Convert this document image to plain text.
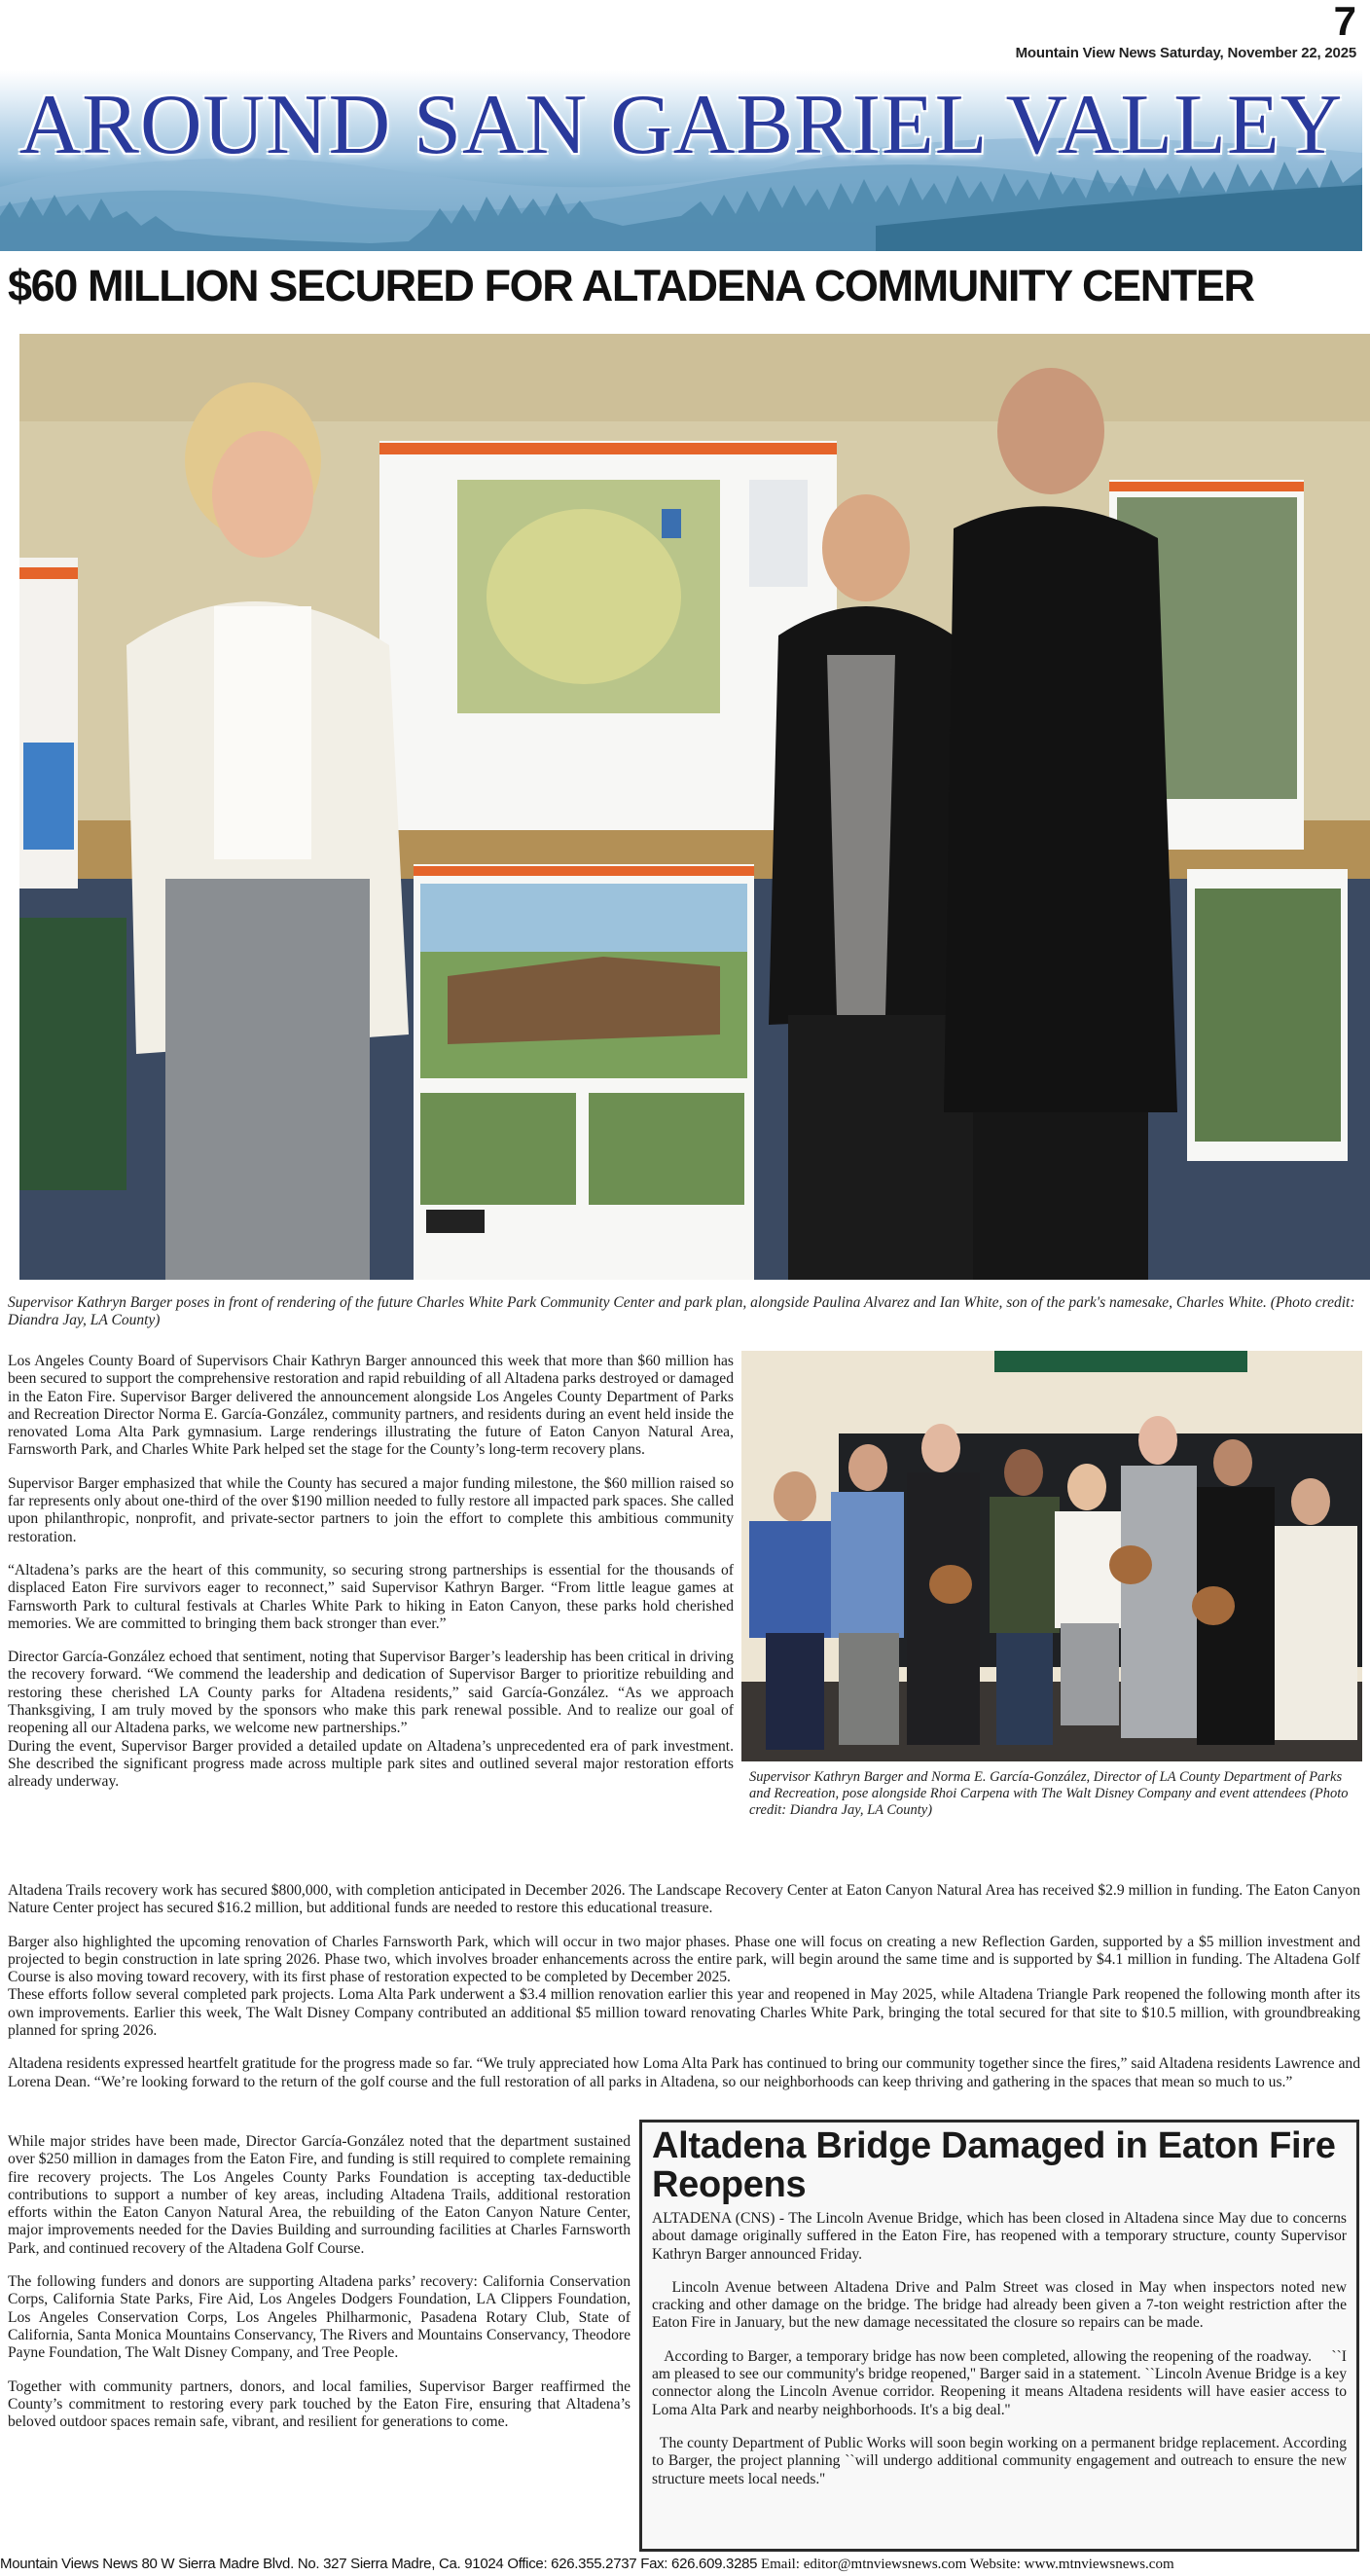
7
Mountain View News Saturday, November 22, 2025
AROUND SAN GABRIEL VALLEY
$60 MILLION SECURED FOR ALTADENA COMMUNITY CENTER
Supervisor Kathryn Barger poses in front of rendering of the future Charles White Park Community Center and park plan, alongside Paulina Alvarez and Ian White, son of the park's namesake, Charles White. (Photo credit: Diandra Jay, LA County)

Los Angeles County Board of Supervisors Chair Kathryn Barger announced this week that more than $60 million has been secured to support the comprehensive restoration and rapid rebuilding of all Altadena parks destroyed or damaged in the Eaton Fire. Supervisor Barger delivered the announcement alongside Los Angeles County Department of Parks and Recreation Director Norma E. García-González, community partners, and residents during an event held inside the renovated Loma Alta Park gymnasium. Large renderings illustrating the future of Eaton Canyon Natural Area, Farnsworth Park, and Charles White Park helped set the stage for the County’s long-term recovery plans.

Supervisor Barger emphasized that while the County has secured a major funding milestone, the $60 million raised so far represents only about one-third of the over $190 million needed to fully restore all impacted park spaces. She called upon philanthropic, nonprofit, and private-sector partners to join the effort to complete this ambitious community restoration.

“Altadena’s parks are the heart of this community, so securing strong partnerships is essential for the thousands of displaced Eaton Fire survivors eager to reconnect,” said Supervisor Kathryn Barger. “From little league games at Farnsworth Park to cultural festivals at Charles White Park to hiking in Eaton Canyon, these parks hold cherished memories. We are committed to bringing them back stronger than ever.”

Director García-González echoed that sentiment, noting that Supervisor Barger’s leadership has been critical in driving the recovery forward. “We commend the leadership and dedication of Supervisor Barger to prioritize rebuilding and restoring these cherished LA County parks for Altadena residents,” said García-González. “As we approach Thanksgiving, I am truly moved by the sponsors who make this park renewal possible. And to realize our goal of reopening all our Altadena parks, we welcome new partnerships.”

During the event, Supervisor Barger provided a detailed update on Altadena’s unprecedented era of park investment. She described the significant progress made across multiple park sites and outlined several major restoration efforts already underway.	Supervisor Kathryn Barger and Norma E. García-González, Director of LA County Department of Parks and Recreation, pose alongside Rhoi Carpena with The Walt Disney Company and event attendees (Photo credit: Diandra Jay, LA County)

Altadena Trails recovery work has secured $800,000, with completion anticipated in December 2026. The Landscape Recovery Center at Eaton Canyon Natural Area has received $2.9 million in funding. The Eaton Canyon Nature Center project has secured $16.2 million, but additional funds are needed to restore this educational treasure.

Barger also highlighted the upcoming renovation of Charles Farnsworth Park, which will occur in two major phases. Phase one will focus on creating a new Reflection Garden, supported by a $5 million investment and projected to begin construction in late spring 2026. Phase two, which involves broader enhancements across the entire park, will begin around the same time and is supported by $4.1 million in funding. The Altadena Golf Course is also moving toward recovery, with its first phase of restoration expected to be completed by December 2025.

These efforts follow several completed park projects. Loma Alta Park underwent a $3.4 million renovation earlier this year and reopened in May 2025, while Altadena Triangle Park reopened the following month after its own improvements. Earlier this week, The Walt Disney Company contributed an additional $5 million toward renovating Charles White Park, bringing the total secured for that site to $10.5 million, with groundbreaking planned for spring 2026.

Altadena residents expressed heartfelt gratitude for the progress made so far. “We truly appreciated how Loma Alta Park has continued to bring our community together since the fires,” said Altadena residents Lawrence and Lorena Dean. “We’re looking forward to the return of the golf course and the full restoration of all parks in Altadena, so our neighborhoods can keep thriving and gathering in the spaces that mean so much to us.”

While major strides have been made, Director García-González noted that the department sustained over $250 million in damages from the Eaton Fire, and funding is still required to complete remaining fire recovery projects. The Los Angeles County Parks Foundation is accepting tax-deductible contributions to support a number of key areas, including Altadena Trails, additional restoration efforts within the Eaton Canyon Natural Area, the rebuilding of the Eaton Canyon Nature Center, major improvements needed for the Davies Building and surrounding facilities at Charles Farnsworth Park, and continued recovery of the Altadena Golf Course.

The following funders and donors are supporting Altadena parks’ recovery: California Conservation Corps, California State Parks, Fire Aid, Los Angeles Dodgers Foundation, LA Clippers Foundation, Los Angeles Conservation Corps, Los Angeles Philharmonic, Pasadena Rotary Club, State of California, Santa Monica Mountains Conservancy, The Rivers and Mountains Conservancy, Theodore Payne Foundation, The Walt Disney Company, and Tree People.

Together with community partners, donors, and local families, Supervisor Barger reaffirmed the County’s commitment to restoring every park touched by the Eaton Fire, ensuring that Altadena’s beloved outdoor spaces remain safe, vibrant, and resilient for generations to come.

Altadena Bridge Damaged in Eaton Fire Reopens

ALTADENA (CNS) - The Lincoln Avenue Bridge, which has been closed in Altadena since May due to concerns about damage originally suffered in the Eaton Fire, has reopened with a temporary structure, county Supervisor Kathryn Barger announced Friday.

Lincoln Avenue between Altadena Drive and Palm Street was closed in May when inspectors noted new cracking and other damage on the bridge. The bridge had already been given a 7-ton weight restriction after the Eaton Fire in January, but the new damage necessitated the closure so repairs can be made.

According to Barger, a temporary bridge has now been completed, allowing the reopening of the roadway.     ``I am pleased to see our community's bridge reopened,'' Barger said in a statement. ``Lincoln Avenue Bridge is a key connector along the Lincoln Avenue corridor. Reopening it means Altadena residents will have easier access to Loma Alta Park and nearby neighborhoods. It's a big deal.''

The county Department of Public Works will soon begin working on a permanent bridge replacement. According to Barger, the project planning ``will undergo additional community engagement and outreach to ensure the new structure meets local needs.''

Mountain Views News 80 W Sierra Madre Blvd. No. 327 Sierra Madre, Ca. 91024 Office: 626.355.2737 Fax: 626.609.3285 Email: editor@mtnviewsnews.com Website: www.mtnviewsnews.com
